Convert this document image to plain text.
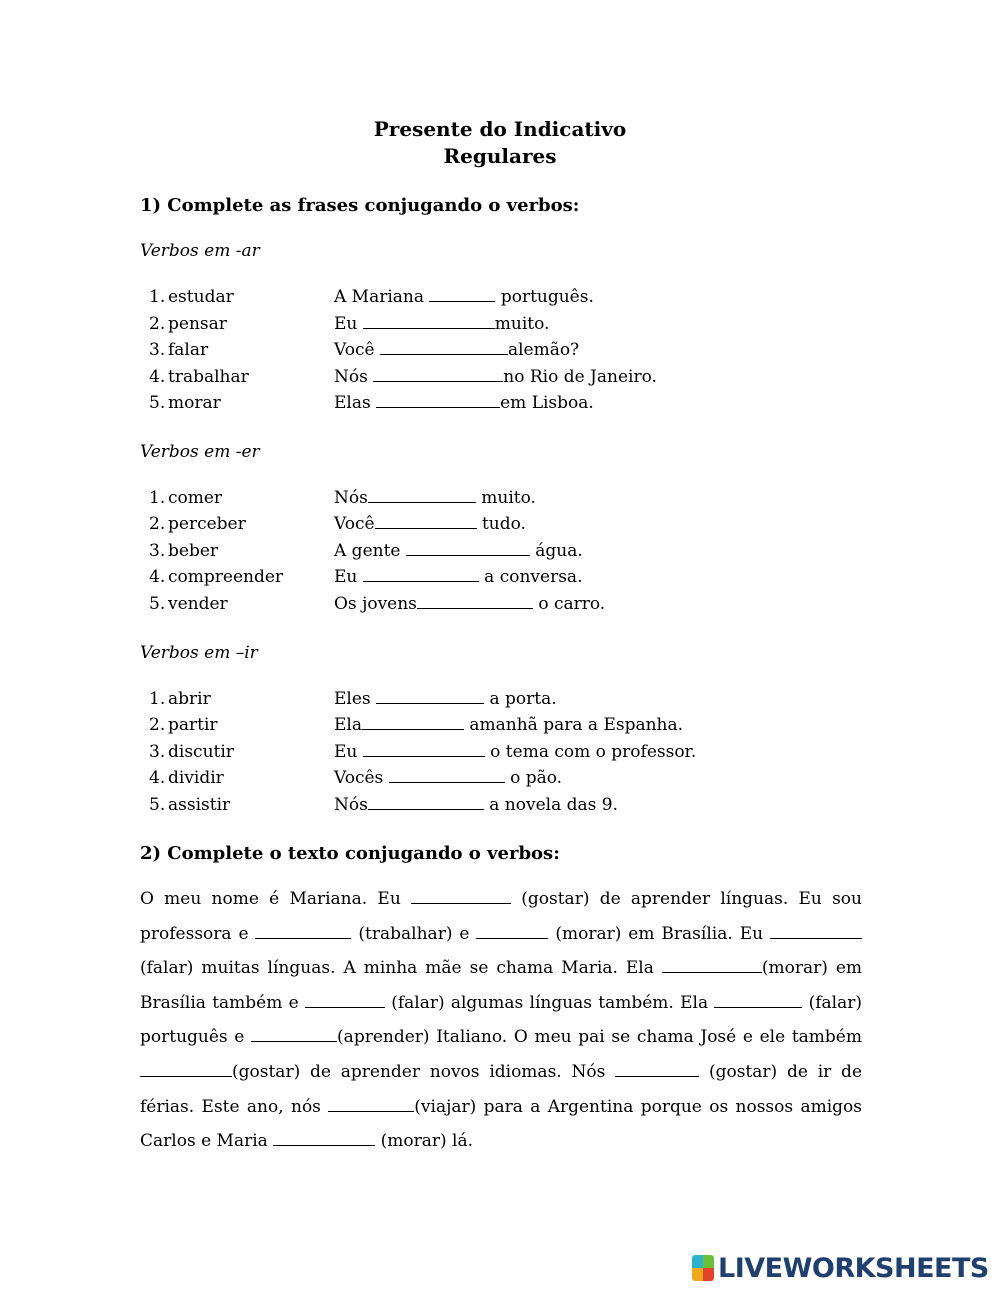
Presente do Indicativo
Regulares
1) Complete as frases conjugando o verbos:
Verbos em -ar
1. estudar	A Mariana	português.
2. pensar	Eu	muito.
3. falar	Você	alemão?
4. trabalhar	Nós	no Rio de Janeiro.
5. morar	Elas	em Lisboa.
Verbos em -er
1. comer	Nós	muito.
2. perceber	Você	tudo.
3. beber	A gente	água.
4. compreender	Eu	a conversa.
5. vender	Os jovens	o carro.
Verbos em –ir
1. abrir	Eles	a porta.
2. partir	Ela	amanhã para a Espanha.
3. discutir	Eu	o tema com o professor.
4. dividir	Vocês	o pão.
5. assistir	Nós	a novela das 9.
2) Complete o texto conjugando o verbos:
O meu nome é Mariana. Eu	(gostar) de aprender línguas. Eu sou professora e	(trabalhar) e	(morar) em Brasília. Eu  (falar) muitas línguas. A minha mãe se chama Maria. Ela	(morar) em Brasília também e	(falar) algumas línguas também. Ela	(falar) português e	(aprender) Italiano. O meu pai se chama José e ele também (gostar) de aprender novos idiomas. Nós	(gostar) de ir de férias. Este ano, nós	(viajar) para a Argentina porque os nossos amigos Carlos e Maria	(morar) lá.
LIVEWORKSHEETS
